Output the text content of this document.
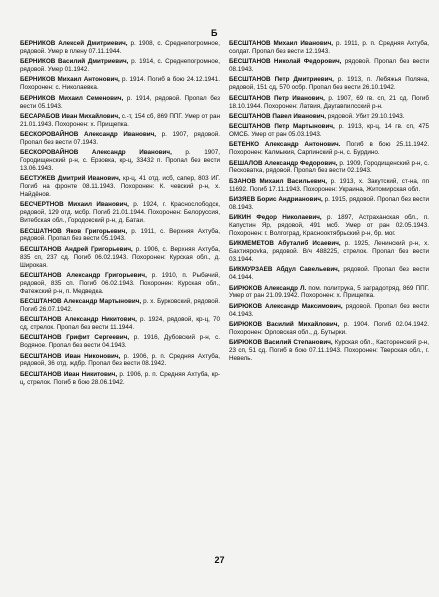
Б
БЕРНИКОВ Алексей Дмитриевич, р. 1908, с. Среднепогромное, рядовой. Умер в плену 07.11.1944.
БЕРНИКОВ Василий Дмитриевич, р. 1914, с. Среднепогромное, рядовой. Умер 01.1942.
БЕРНИКОВ Михаил Антонович, р. 1914. Погиб в бою 24.12.1941. Похоронен: с. Николаевка.
БЕРНИКОВ Михаил Семенович, р. 1914, рядовой. Пропал без вести 05.1943.
БЕСАРАБОВ Иван Михайлович, с.-т, 154 сб, 869 ППГ. Умер от ран 21.01.1943. Похоронен: х. Прищепка.
БЕСКОРОВАЙНОВ Александр Иванович, р. 1907, рядовой. Пропал без вести 07.1943.
БЕСКОРОВАЙНОВ Александр Иванович, р. 1907, Городищенский р-н, с. Ерзовка, кр-ц, 33432 п. Пропал без вести 13.06.1943.
БЕСТУЖЕВ Дмитрий Иванович, кр-ц, 41 отд. исб, сапер, 803 ИГ. Погиб на фронте 08.11.1943. Похоронен: К. чевский р-н, х. Найдёнов.
БЕСЧЕРТНОВ Михаил Иванович, р. 1924, г. Краснослободск, рядовой, 129 отд. мсбр. Погиб 21.01.1944. Похоронен: Белоруссия, Витебская обл., Городокский р-н, д. Батаи.
БЕСШАТНОВ Яков Григорьевич, р. 1911, с. Верхняя Ахтуба, рядовой. Пропал без вести 05.1943.
БЕСШТАНОВ Андрей Григорьевич, р. 1906, с. Верхняя Ахтуба, 835 сп, 237 сд. Погиб 06.02.1943. Похоронен: Курская обл., д. Широкая.
БЕСШТАНОВ Александр Григорьевич, р. 1910, п. Рыбачий, рядовой, 835 сп. Погиб 06.02.1943. Похоронен: Курская обл., Фатежский р-н, п. Медведка.
БЕСШТАНОВ Александр Мартынович, р. х. Бурковский, рядовой. Погиб 26.07.1942.
БЕСШТАНОВ Александр Никитович, р. 1924, рядовой, кр-ц, 70 сд, стрелок. Пропал без вести 11.1944.
БЕСШТАНОВ Грифит Сергеевич, р. 1916, Дубовский р-н, с. Водяное. Пропал без вести 04.1943.
БЕСШТАНОВ Иван Никонович, р. 1906, р. п. Средняя Ахтуба, рядовой, 36 отд. ждбр. Пропал без вести 08.1942.
БЕСШТАНОВ Иван Никитович, р. 1906, р. п. Средняя Ахтуба, кр-ц, стрелок. Погиб в бою 28.06.1942.
БЕСШТАНОВ Михаил Иванович, р. 1911, р. п. Средняя Ахтуба, солдат. Пропал без вести 12.1943.
БЕСШТАНОВ Николай Федорович, рядовой. Пропал без вести 08.1943.
БЕСШТАНОВ Петр Дмитриевич, р. 1913, п. Лебяжья Поляна, рядовой, 151 сд, 570 осбр. Пропал без вести 26.10.1942.
БЕСШТАНОВ Петр Иванович, р. 1907, 69 гв. сп, 21 сд. Погиб 18.10.1944. Похоронен: Латвия, Даугавпилсский р-н.
БЕСШТАНОВ Павел Иванович, рядовой. Убит 29.10.1943.
БЕСШТАНОВ Петр Мартынович, р. 1913, кр-ц, 14 гв. сп, 475 ОМСБ. Умер от ран 05.03.1943.
БЕТЕНКО Александр Антонович. Погиб в бою 25.11.1942. Похоронен: Калмыкия, Сарпинский р-н, с. Бурдино.
БЕШАЛОВ Александр Федорович, р. 1909, Городищенский р-н, с. Песковатка, рядовой. Пропал без вести 02.1943.
БЗАНОВ Михаил Васильевич, р. 1913, х. Закутский, ст-на, пп 11692. Погиб 17.11.1943. Похоронен: Украина, Житомирская обл.
БИЗЯЕВ Борис Андрианович, р. 1915, рядовой. Пропал без вести 08.1943.
БИКИН Федор Николаевич, р. 1897, Астраханская обл., п. Капустин Яр, рядовой, 491 мсб. Умер от ран 02.05.1943. Похоронен: г. Волгоград, Краснооктябрьский р-н, бр. мог.
БИКМЕМЕТОВ Абуталиб Исаевич, р. 1925, Ленинский р-н, х. Бахтиярovka, рядовой. В/ч 488225, стрелок. Пропал без вести 03.1944.
БИКМУРЗАЕВ Абдул Савельевич, рядовой. Пропал без вести 04.1944.
БИРЮКОВ Александр Л. пом. политрука, 5 заградотряд, 869 ППГ. Умер от ран 21.09.1942. Похоронен: х. Прищепка.
БИРЮКОВ Александр Максимович, рядовой. Пропал без вести 04.1943.
БИРЮКОВ Василий Михайлович, р. 1904. Погиб 02.04.1942. Похоронен: Орловская обл., д. Бутырки.
БИРЮКОВ Василий Степанович, Курская обл., Касторенский р-н, 23 сп, 51 сд. Погиб в бою 07.11.1943. Похоронен: Тверская обл., г. Невель.
27
